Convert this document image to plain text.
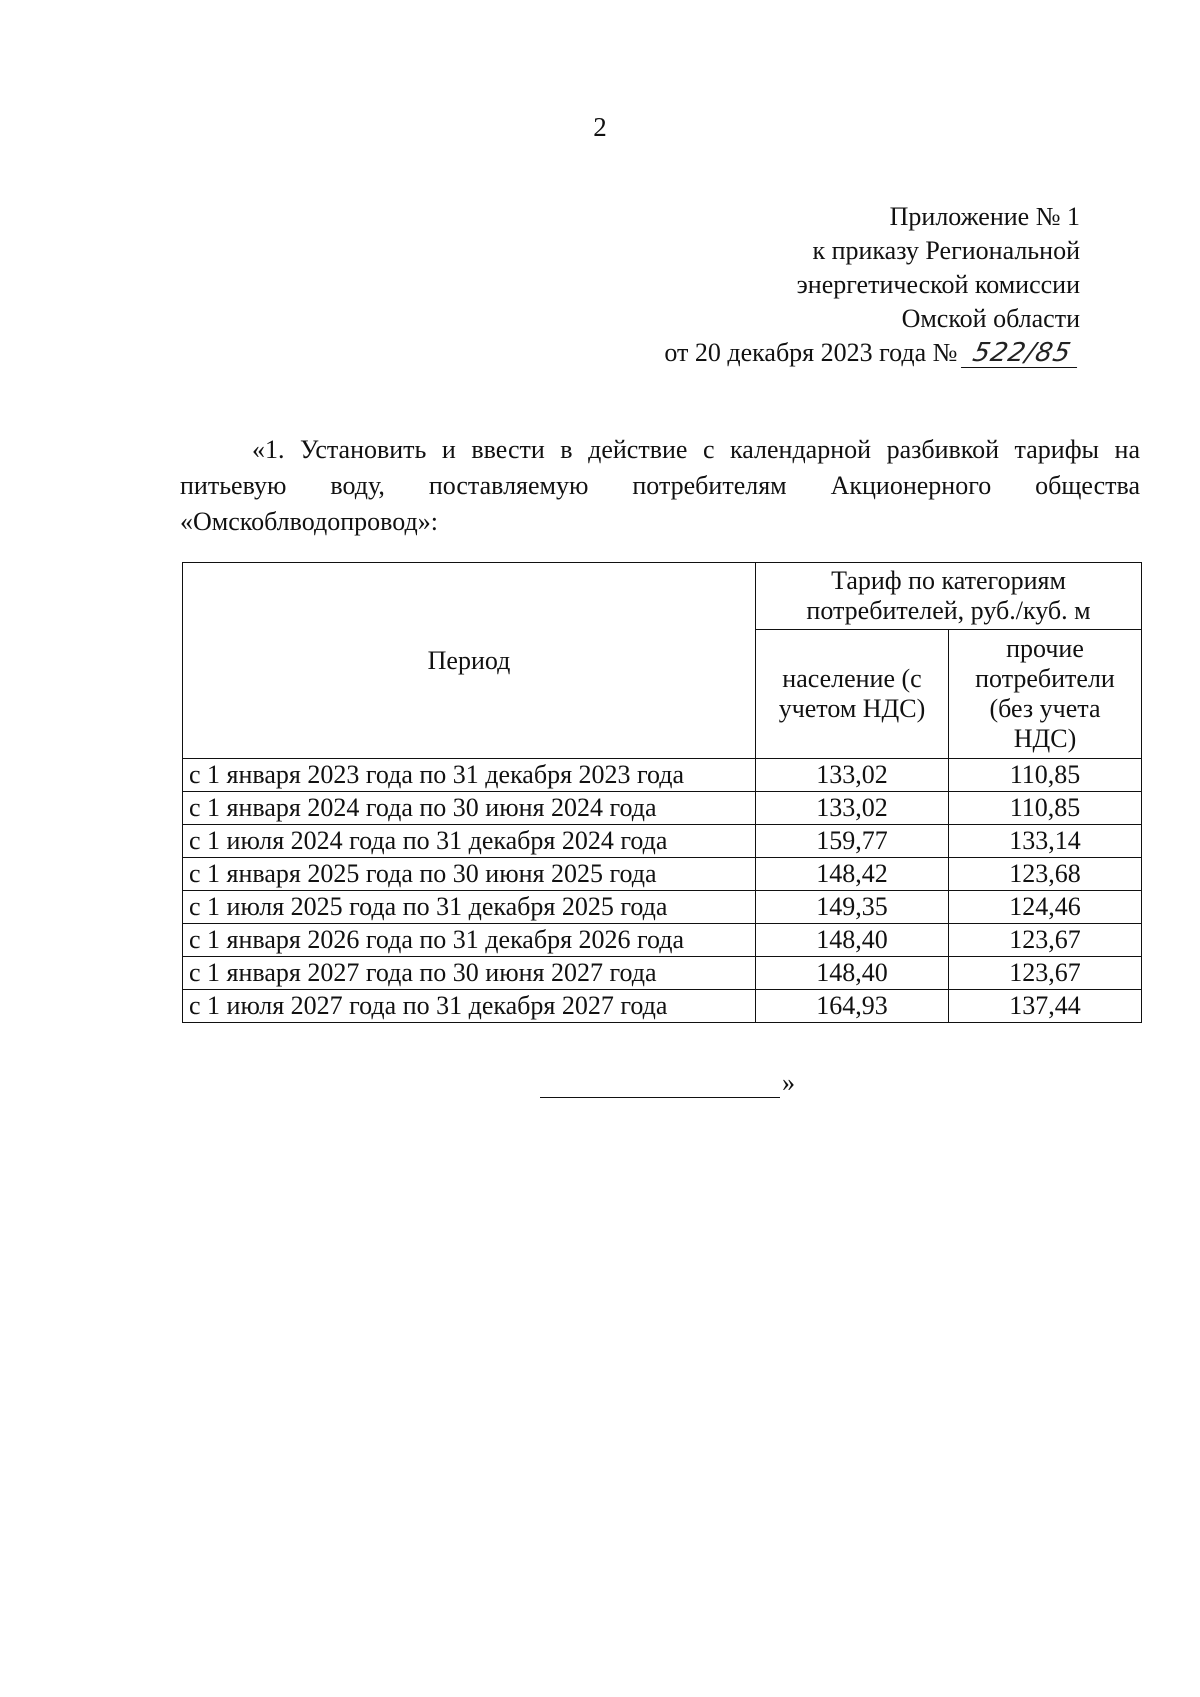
2
Приложение № 1
к приказу Региональной
энергетической комиссии
Омской области
от 20 декабря 2023 года № 522/85
«1. Установить и ввести в действие с календарной разбивкой тарифы на питьевую воду, поставляемую потребителям Акционерного общества «Омскоблводопровод»:
Период	Тариф по категориям потребителей, руб./куб. м	
	население (с учетом НДС)	прочие потребители (без учета НДС)
с 1 января 2023 года по 31 декабря 2023 года	133,02	110,85
с 1 января 2024 года по 30 июня 2024 года	133,02	110,85
с 1 июля 2024 года по 31 декабря 2024 года	159,77	133,14
с 1 января 2025 года по 30 июня 2025 года	148,42	123,68
с 1 июля 2025 года по 31 декабря 2025 года	149,35	124,46
с 1 января 2026 года по 31 декабря 2026 года	148,40	123,67
с 1 января 2027 года по 30 июня 2027 года	148,40	123,67
с 1 июля 2027 года по 31 декабря 2027 года	164,93	137,44
»
